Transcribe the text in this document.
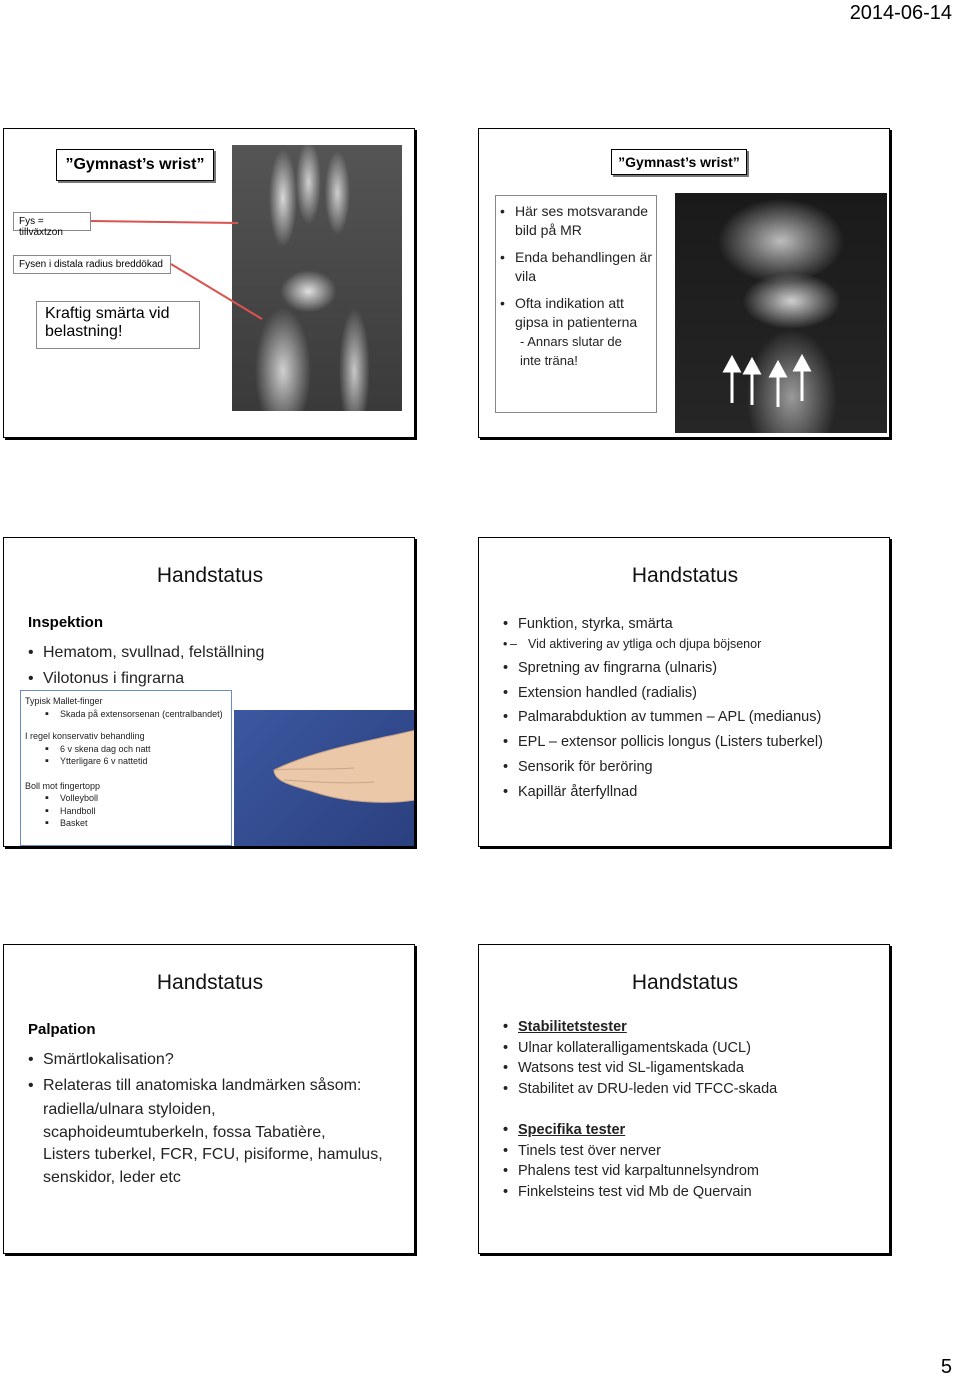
2014-06-14
”Gymnast’s wrist”
Fys = tillväxtzon
Fysen i distala radius breddökad
Kraftig smärta vid belastning!
”Gymnast’s wrist”
• Här ses motsvarande bild på MR
• Enda behandlingen är vila
• Ofta indikation att gipsa in patienterna
- Annars slutar de inte träna!
Handstatus
Inspektion
• Hematom, svullnad, felställning
• Vilotonus i fingrarna
Typisk Mallet-finger
▪ Skada på extensorsenan (centralbandet)
I regel konservativ behandling
▪ 6 v skena dag och natt
▪ Ytterligare 6 v nattetid
Boll mot fingertopp
▪ Volleyboll
▪ Handboll
▪ Basket
Handstatus
• Funktion, styrka, smärta
• – Vid aktivering av ytliga och djupa böjsenor
• Spretning av fingrarna (ulnaris)
• Extension handled (radialis)
• Palmarabduktion av tummen – APL (medianus)
• EPL – extensor pollicis longus (Listers tuberkel)
• Sensorik för beröring
• Kapillär återfyllnad
Handstatus
Palpation
• Smärtlokalisation?
• Relateras till anatomiska landmärken såsom:
radiella/ulnara styloiden,
scaphoideumtuberkeln, fossa Tabatière,
Listers tuberkel, FCR, FCU, pisiforme, hamulus,
senskidor, leder etc
Handstatus
• Stabilitetstester
• Ulnar kollateralligamentskada (UCL)
• Watsons test vid SL-ligamentskada
• Stabilitet av DRU-leden vid TFCC-skada
• Specifika tester
• Tinels test över nerver
• Phalens test vid karpaltunnelsyndrom
• Finkelsteins test vid Mb de Quervain
5
